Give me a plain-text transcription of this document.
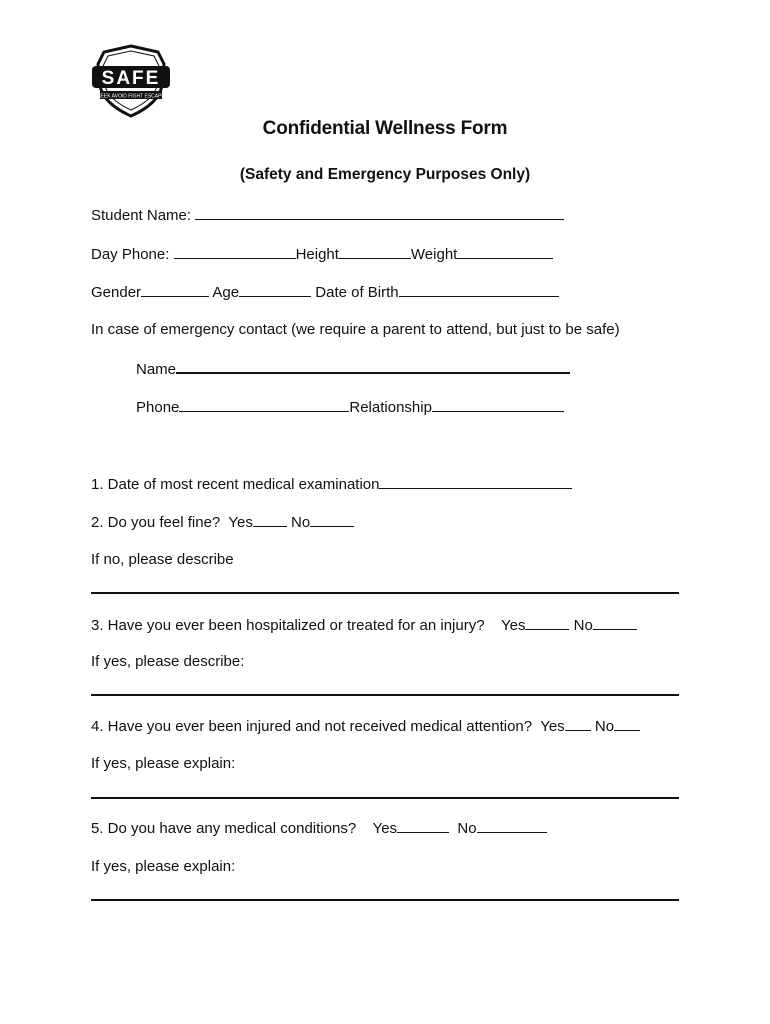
SAFE
SEEK AVOID FIGHT ESCAPE
Confidential Wellness Form
(Safety and Emergency Purposes Only)
Student Name:
Day Phone:	Height	Weight
Gender	Age	Date of Birth
In case of emergency contact (we require a parent to attend, but just to be safe)
Name
Phone	Relationship
1. Date of most recent medical examination
2. Do you feel fine? Yes	No
If no, please describe
3. Have you ever been hospitalized or treated for an injury? Yes	No
If yes, please describe:
4. Have you ever been injured and not received medical attention? Yes No
If yes, please explain:
5. Do you have any medical conditions? Yes	No
If yes, please explain:
